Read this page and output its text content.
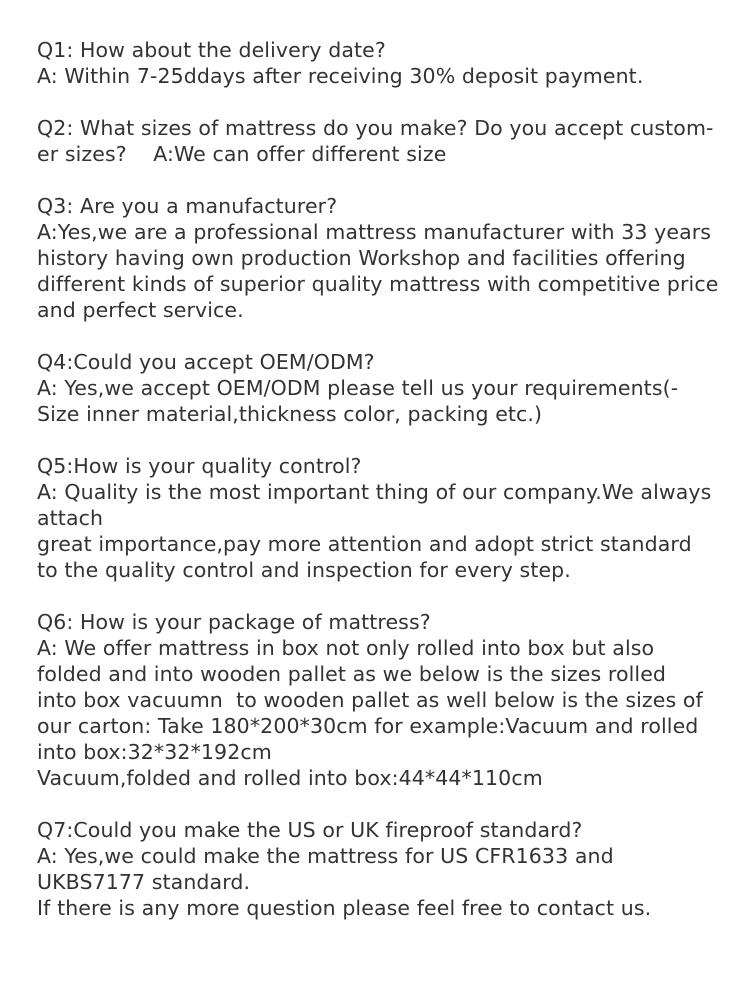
Q1: How about the delivery date?
A: Within 7-25ddays after receiving 30% deposit payment.
Q2: What sizes of mattress do you make? Do you accept custom-
er sizes?    A:We can offer different size
Q3: Are you a manufacturer?
A:Yes,we are a professional mattress manufacturer with 33 years
history having own production Workshop and facilities offering
different kinds of superior quality mattress with competitive price
and perfect service.
Q4:Could you accept OEM/ODM?
A: Yes,we accept OEM/ODM please tell us your requirements(-
Size inner material,thickness color, packing etc.)
Q5:How is your quality control?
A: Quality is the most important thing of our company.We always
attach
great importance,pay more attention and adopt strict standard
to the quality control and inspection for every step.
Q6: How is your package of mattress?
A: We offer mattress in box not only rolled into box but also
folded and into wooden pallet as we below is the sizes rolled
into box vacuumn  to wooden pallet as well below is the sizes of
our carton: Take 180*200*30cm for example:Vacuum and rolled
into box:32*32*192cm
Vacuum,folded and rolled into box:44*44*110cm
Q7:Could you make the US or UK fireproof standard?
A: Yes,we could make the mattress for US CFR1633 and
UKBS7177 standard.
If there is any more question please feel free to contact us.
